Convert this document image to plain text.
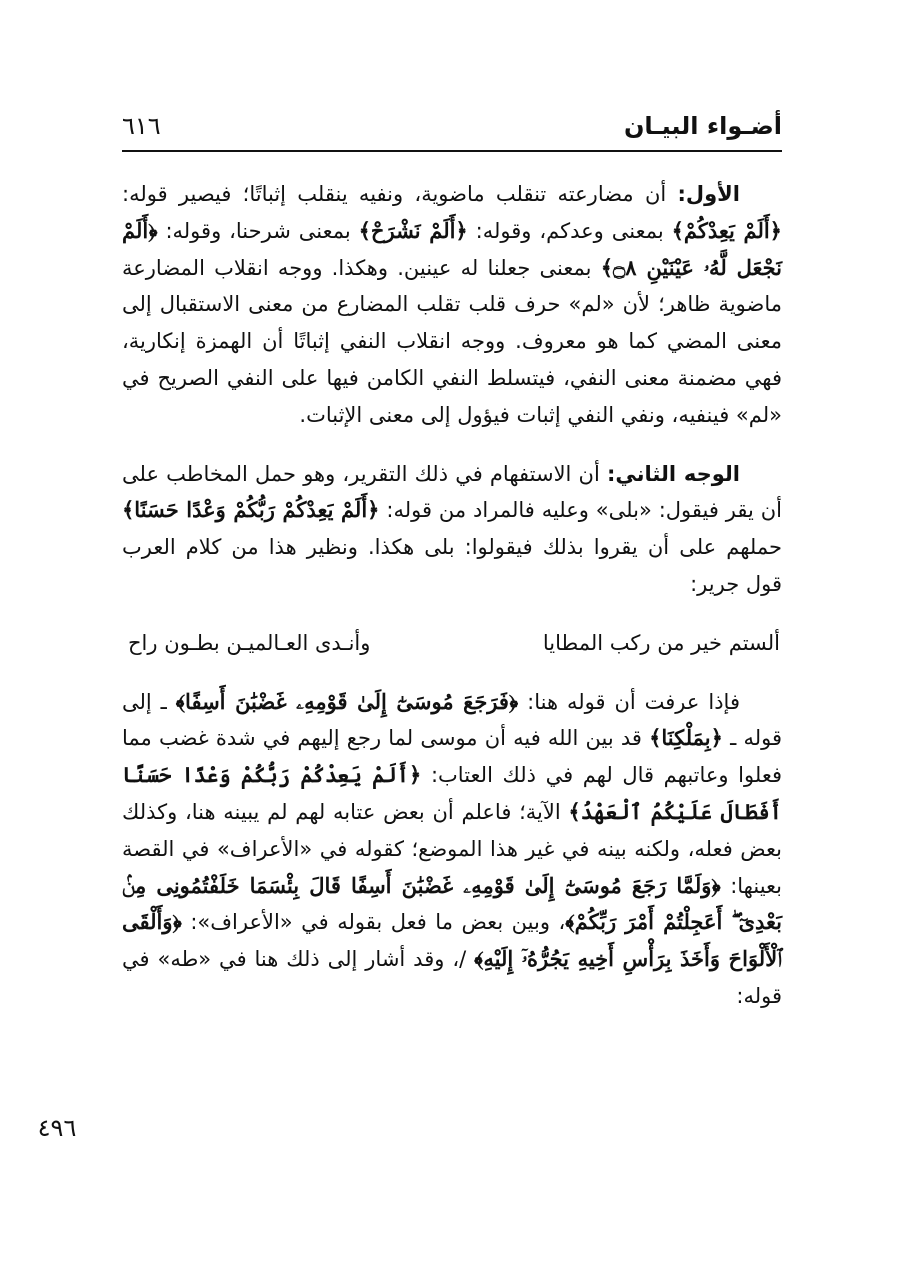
أضـواء البيـان
٦١٦

الأول: أن مضارعته تنقلب ماضوية، ونفيه ينقلب إثباتًا؛ فيصير قوله: ﴿أَلَمْ يَعِدْكُمْ﴾ بمعنى وعدكم، وقوله: ﴿أَلَمْ نَشْرَحْ﴾ بمعنى شرحنا، وقوله: ﴿أَلَمْ نَجْعَل لَّهُۥ عَيْنَيْنِ ۝٨﴾ بمعنى جعلنا له عينين. وهكذا. ووجه انقلاب المضارعة ماضوية ظاهر؛ لأن «لم» حرف قلب تقلب المضارع من معنى الاستقبال إلى معنى المضي كما هو معروف. ووجه انقلاب النفي إثباتًا أن الهمزة إنكارية، فهي مضمنة معنى النفي، فيتسلط النفي الكامن فيها على النفي الصريح في «لم» فينفيه، ونفي النفي إثبات فيؤول إلى معنى الإثبات.

الوجه الثاني: أن الاستفهام في ذلك التقرير، وهو حمل المخاطب على أن يقر فيقول: «بلى» وعليه فالمراد من قوله: ﴿أَلَمْ يَعِدْكُمْ رَبُّكُمْ وَعْدًا حَسَنًا﴾ حملهم على أن يقروا بذلك فيقولوا: بلى هكذا. ونظير هذا من كلام العرب قول جرير:

ألستم خير من ركب المطايا
وأنـدى العـالميـن بطـون راح

فإذا عرفت أن قوله هنا: ﴿فَرَجَعَ مُوسَىٰٓ إِلَىٰ قَوْمِهِۦ غَضْبَٰنَ أَسِفًا﴾ ـ إلى قوله ـ ﴿بِمَلْكِنَا﴾ قد بين الله فيه أن موسى لما رجع إليهم في شدة غضب مما فعلوا وعاتبهم قال لهم في ذلك العتاب: ﴿أَلَمْ يَعِدْكُمْ رَبُّكُمْ وَعْدًا حَسَنًا أَفَطَالَ عَلَيْكُمُ ٱلْعَهْدُ﴾ الآية؛ فاعلم أن بعض عتابه لهم لم يبينه هنا، وكذلك بعض فعله، ولكنه بينه في غير هذا الموضع؛ كقوله في «الأعراف» في القصة بعينها: ﴿وَلَمَّا رَجَعَ مُوسَىٰٓ إِلَىٰ قَوْمِهِۦ غَضْبَٰنَ أَسِفًا قَالَ بِئْسَمَا خَلَفْتُمُونِى مِنۢ بَعْدِىٓ ۖ أَعَجِلْتُمْ أَمْرَ رَبِّكُمْ﴾، وبين بعض ما فعل بقوله في «الأعراف»: ﴿وَأَلْقَى ٱلْأَلْوَاحَ وَأَخَذَ بِرَأْسِ أَخِيهِ يَجُرُّهُۥٓ إِلَيْهِ﴾ /، وقد أشار إلى ذلك هنا في «طه» في قوله:

٤٩٦
